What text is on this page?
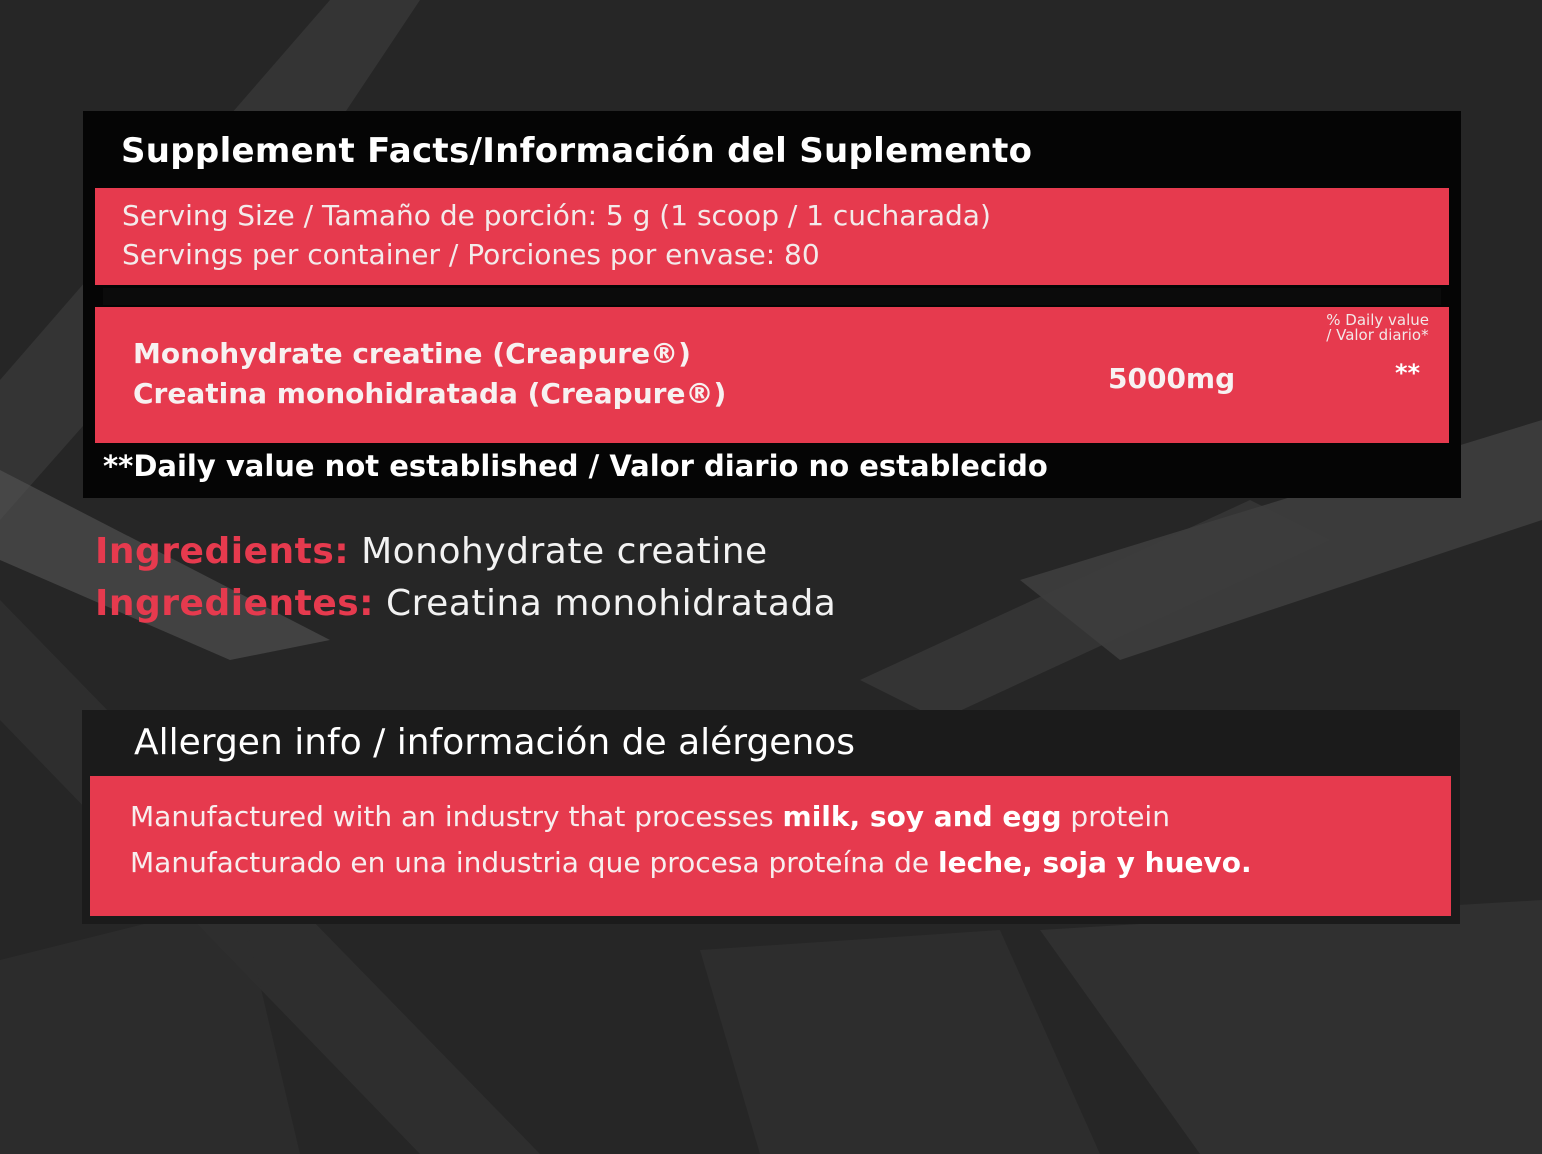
Supplement Facts/Información del Suplemento
Serving Size / Tamaño de porción: 5 g (1 scoop / 1 cucharada)
Servings per container / Porciones por envase: 80
% Daily value
/ Valor diario*
Monohydrate creatine (Creapure®)
Creatina monohidratada (Creapure®)	5000mg	**
**Daily value not established / Valor diario no establecido
Ingredients: Monohydrate creatine
Ingredientes: Creatina monohidratada
Allergen info / información de alérgenos
Manufactured with an industry that processes milk, soy and egg protein
Manufacturado en una industria que procesa proteína de leche, soja y huevo.
